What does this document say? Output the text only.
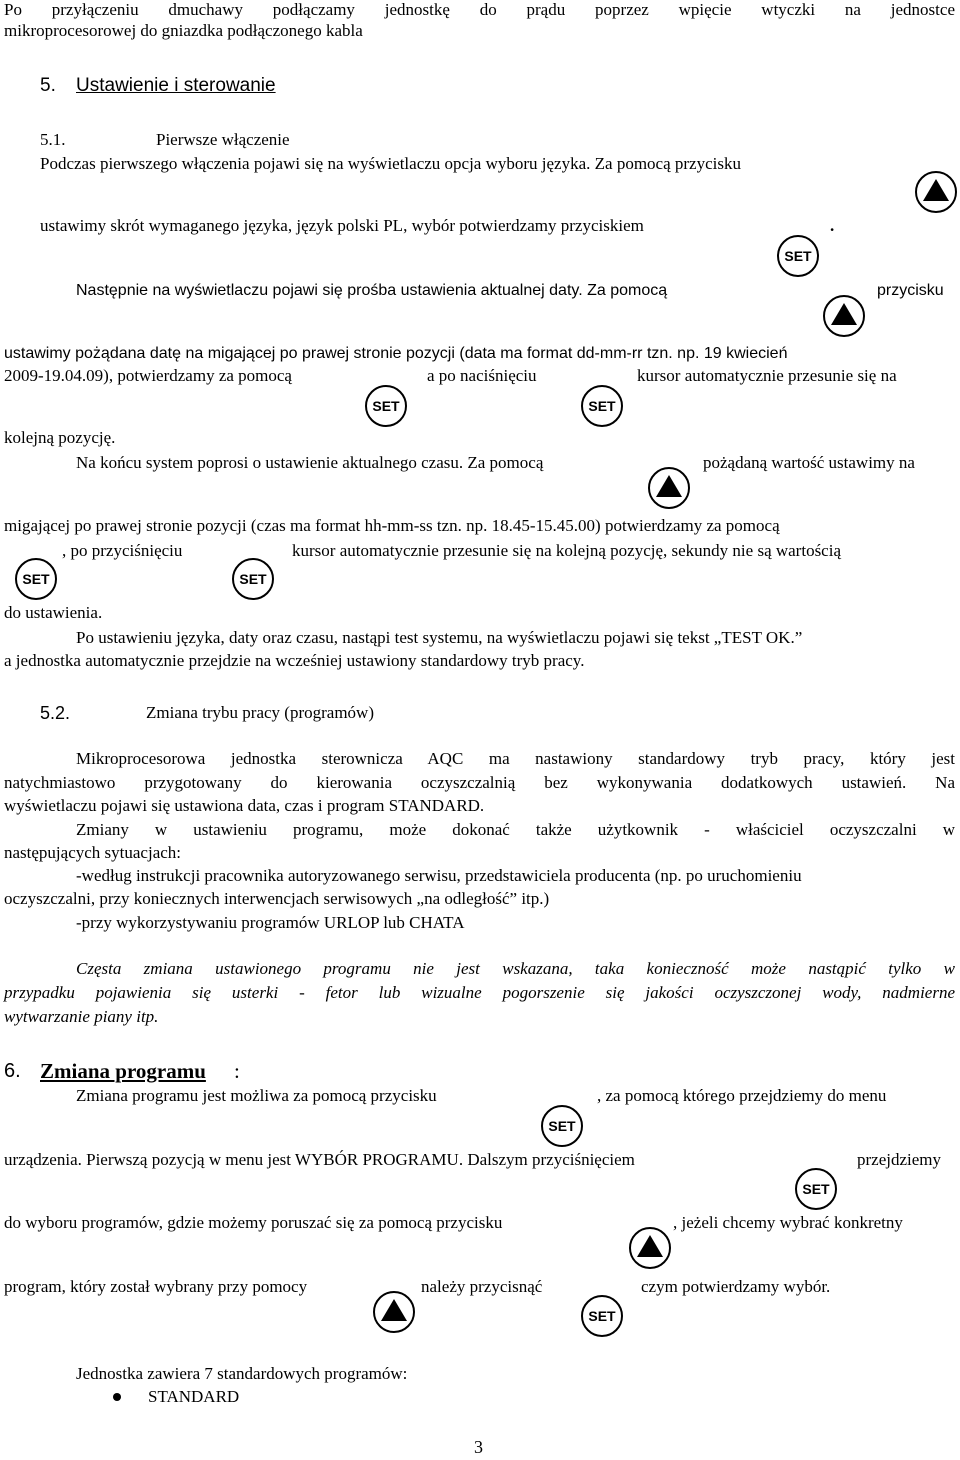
Po przyłączeniu dmuchawy podłączamy jednostkę do prądu poprzez wpięcie wtyczki na jednostce
mikroprocesorowej do gniazdka podłączonego kabla
5. Ustawienie i sterowanie
5.1.	Pierwsze włączenie
Podczas pierwszego włączenia pojawi się na wyświetlaczu opcja wyboru języka. Za pomocą przycisku
ustawimy skrót wymaganego języka, język polski PL, wybór potwierdzamy przyciskiem	.
SET
Następnie na wyświetlaczu pojawi się prośba ustawienia aktualnej daty. Za pomocą	przycisku
ustawimy pożądana datę na migającej po prawej stronie pozycji (data ma format dd-mm-rr tzn. np. 19 kwiecień
2009-19.04.09), potwierdzamy za pomocą	a po naciśnięciu	kursor automatycznie przesunie się na
SET	SET
kolejną pozycję.
Na końcu system poprosi o ustawienie aktualnego czasu. Za pomocą	pożądaną wartość ustawimy na
migającej po prawej stronie pozycji (czas ma format hh-mm-ss tzn. np. 18.45-15.45.00) potwierdzamy za pomocą
, po przyciśnięciu	kursor automatycznie przesunie się na kolejną pozycję, sekundy nie są wartością
SET	SET
do ustawienia.
Po ustawieniu języka, daty oraz czasu, nastąpi test systemu, na wyświetlaczu pojawi się tekst „TEST OK.”
a jednostka automatycznie przejdzie na wcześniej ustawiony standardowy tryb pracy.
5.2.	Zmiana trybu pracy (programów)
Mikroprocesorowa jednostka sterownicza AQC ma nastawiony standardowy tryb pracy, który jest
natychmiastowo przygotowany do kierowania oczyszczalnią bez wykonywania dodatkowych ustawień. Na
wyświetlaczu pojawi się ustawiona data, czas i program STANDARD.
Zmiany w ustawieniu programu, może dokonać także użytkownik - właściciel oczyszczalni w
następujących sytuacjach:
-według instrukcji pracownika autoryzowanego serwisu, przedstawiciela producenta (np. po uruchomieniu
oczyszczalni, przy koniecznych interwencjach serwisowych „na odległość” itp.)
-przy wykorzystywaniu programów URLOP lub CHATA
Częsta zmiana ustawionego programu nie jest wskazana, taka konieczność może nastąpić tylko w
przypadku pojawienia się usterki - fetor lub wizualne pogorszenie się jakości oczyszczonej wody, nadmierne
wytwarzanie piany itp.
6. Zmiana programu :
Zmiana programu jest możliwa za pomocą przycisku	, za pomocą którego przejdziemy do menu
SET
urządzenia. Pierwszą pozycją w menu jest WYBÓR PROGRAMU. Dalszym przyciśnięciem	przejdziemy
SET
do wyboru programów, gdzie możemy poruszać się za pomocą przycisku	, jeżeli chcemy wybrać konkretny
program, który został wybrany przy pomocy	należy przycisnąć	czym potwierdzamy wybór.
SET
Jednostka zawiera 7 standardowych programów:
STANDARD
3
